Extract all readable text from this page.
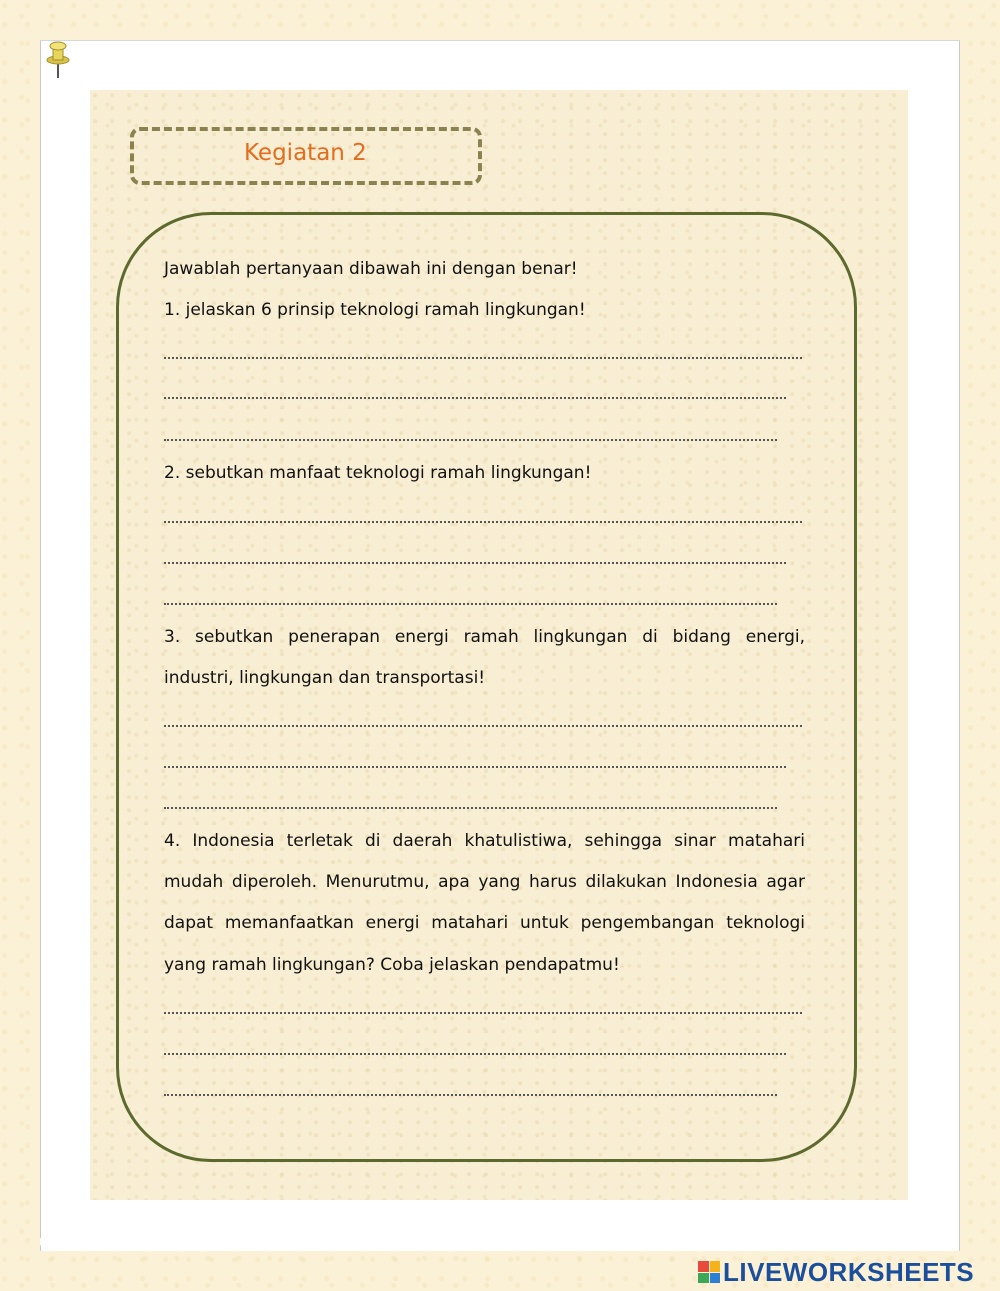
Kegiatan 2
Jawablah pertanyaan dibawah ini dengan benar!
1. jelaskan 6 prinsip teknologi ramah lingkungan!
2. sebutkan manfaat teknologi ramah lingkungan!
3. sebutkan penerapan energi ramah lingkungan di bidang energi,
industri, lingkungan dan transportasi!
4. Indonesia terletak di daerah khatulistiwa, sehingga sinar matahari
mudah diperoleh. Menurutmu, apa yang harus dilakukan Indonesia agar
dapat memanfaatkan energi matahari untuk pengembangan teknologi
yang ramah lingkungan? Coba jelaskan pendapatmu!
LIVEWORKSHEETS
